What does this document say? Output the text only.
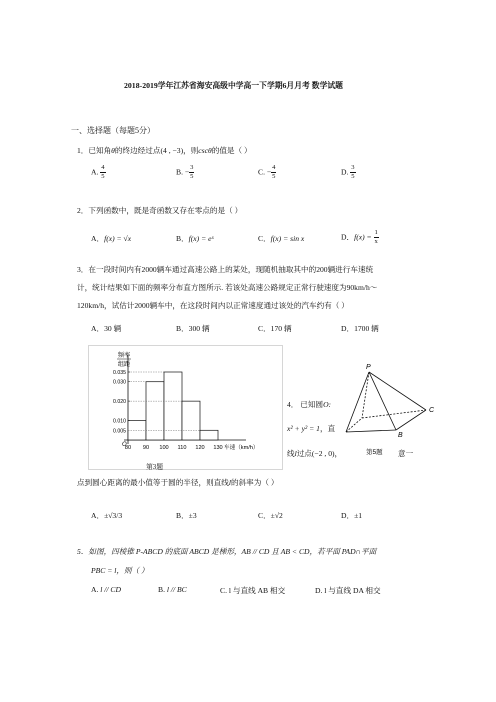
2018-2019学年江苏省海安高级中学高一下学期6月月考 数学试题
一、选择题（每题5分）
1．已知角θ的终边经过点(4 , −3)，则cscθ的值是（ ）
A. $\frac{4}{5}$	B. − $\frac{3}{5}$	C. − $\frac{4}{5}$	D. $\frac{3}{5}$
2．下列函数中，既是奇函数又存在零点的是（ ）
A．f(x) = √x	B．f(x) = eˣ	C．f(x) = sin x	D．$f(x) = \frac{1}{x}$
3．在一段时间内有2000辆车通过高速公路上的某处，现随机抽取其中的200辆进行车速统
计，统计结果如下面的频率分布直方图所示. 若该处高速公路规定正常行驶速度为90km/h～
120km/h，试估计2000辆车中，在这段时间内以正常速度通过该处的汽车约有（ ）
A．30 辆	B．300 辆	C．170 辆	D．1700 辆
频率
组距
0.035
0.030
0.020
0.010
0.005
80 90 100 110 120 130 车速（km/h）
O
第3题
4． 已知圆O:
x² + y² = 1，直
线l过点(−2 , 0)，	意一
P
C
B
第5题
点到圆心距离的最小值等于圆的半径，则直线l的斜率为（ ）
A．±√3/3	B．±3	C．±√2	D．±1
5．如图，四棱锥 P-ABCD 的底面 ABCD 是梯形，AB // CD 且 AB < CD，若平面 PAD∩平面
PBC = l，则（ ）
A. l // CD	B. l // BC	C. l 与直线 AB 相交	D. l 与直线 DA 相交
